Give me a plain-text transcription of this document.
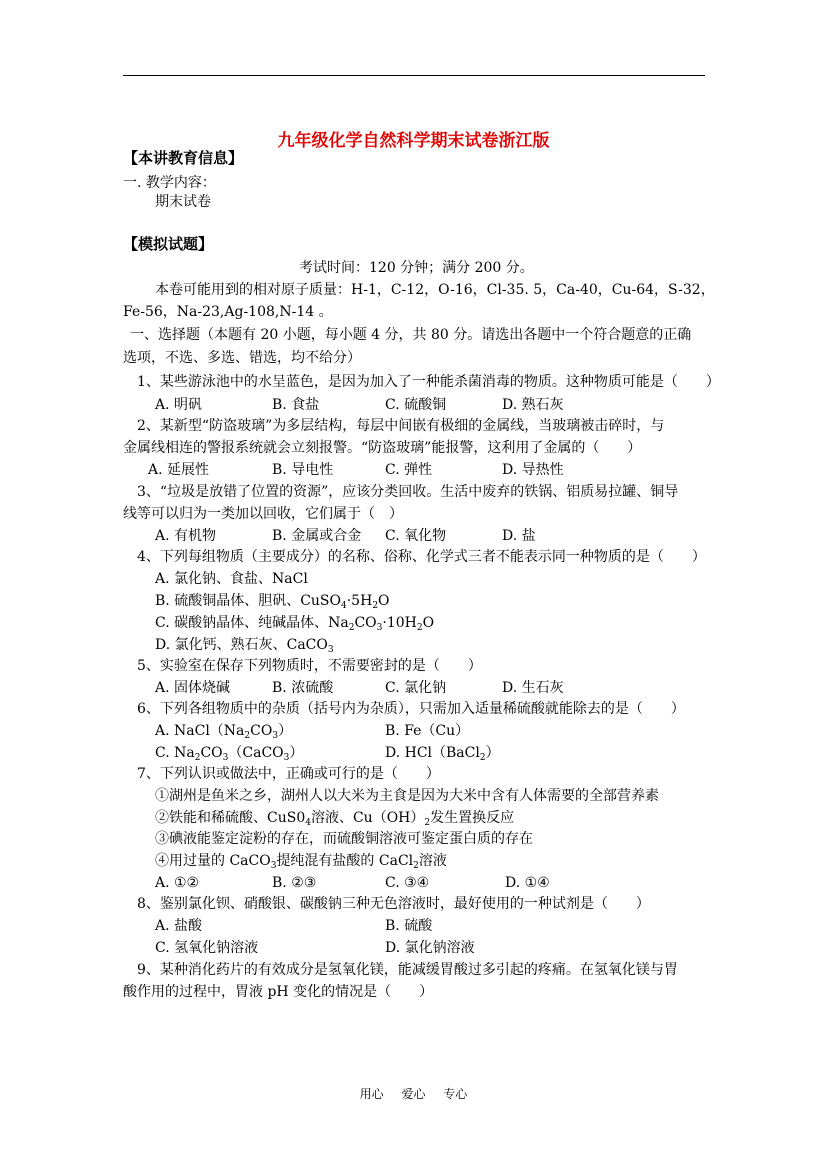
九年级化学自然科学期末试卷浙江版
【本讲教育信息】
一. 教学内容：
期末试卷
【模拟试题】
考试时间：120 分钟；满分 200 分。
本卷可能用到的相对原子质量：H-1，C-12，O-16，Cl-35. 5，Ca-40，Cu-64，S-32，
Fe-56，Na-23,Ag-108,N-14 。
一、选择题（本题有 20 小题，每小题 4 分，共 80 分。请选出各题中一个符合题意的正确
选项，不选、多选、错选，均不给分）
1、某些游泳池中的水呈蓝色，是因为加入了一种能杀菌消毒的物质。这种物质可能是（　　）
A. 明矾	B. 食盐	C. 硫酸铜	D. 熟石灰
2、某新型“防盗玻璃”为多层结构，每层中间嵌有极细的金属线，当玻璃被击碎时，与
金属线相连的警报系统就会立刻报警。“防盗玻璃”能报警，这利用了金属的（　　）
A. 延展性	B. 导电性	C. 弹性	D. 导热性
3、“垃圾是放错了位置的资源”，应该分类回收。生活中废弃的铁锅、铝质易拉罐、铜导
线等可以归为一类加以回收，它们属于（　）
A. 有机物	B. 金属或合金 C. 氧化物	D. 盐
4、下列每组物质（主要成分）的名称、俗称、化学式三者不能表示同一种物质的是（　　）
A. 氯化钠、食盐、NaCl
B. 硫酸铜晶体、胆矾、$CuSO_4\cdot 5H_2O$
C. 碳酸钠晶体、纯碱晶体、$Na_2CO_3\cdot 10H_2O$
D. 氯化钙、熟石灰、CaCO$_3$
5、实验室在保存下列物质时，不需要密封的是（　　）
A. 固体烧碱	B. 浓硫酸	C. 氯化钠	D. 生石灰
6、下列各组物质中的杂质（括号内为杂质），只需加入适量稀硫酸就能除去的是（　　）
A. $NaCl(Na_2CO_3)$	B. Fe（Cu）
C. $Na_2CO_3(CaCO_3)$	D. HCl（BaCl$_2$）
7、下列认识或做法中，正确或可行的是（　　）
①湖州是鱼米之乡，湖州人以大米为主食是因为大米中含有人体需要的全部营养素
②铁能和稀硫酸、$CuS0_4$溶液、$Cu(OH)_2$发生置换反应
③碘液能鉴定淀粉的存在，而硫酸铜溶液可鉴定蛋白质的存在
④用过量的 CaCO$_3$提纯混有盐酸的 CaCl$_2$溶液
A. ①②	B. ②③	C. ③④	D. ①④
8、鉴别氯化钡、硝酸银、碳酸钠三种无色溶液时，最好使用的一种试剂是（　　）
A. 盐酸	B. 硫酸
C. 氢氧化钠溶液	D. 氯化钠溶液
9、某种消化药片的有效成分是氢氧化镁，能减缓胃酸过多引起的疼痛。在氢氧化镁与胃
酸作用的过程中，胃液 pH 变化的情况是（　　）
用心 爱心 专心
